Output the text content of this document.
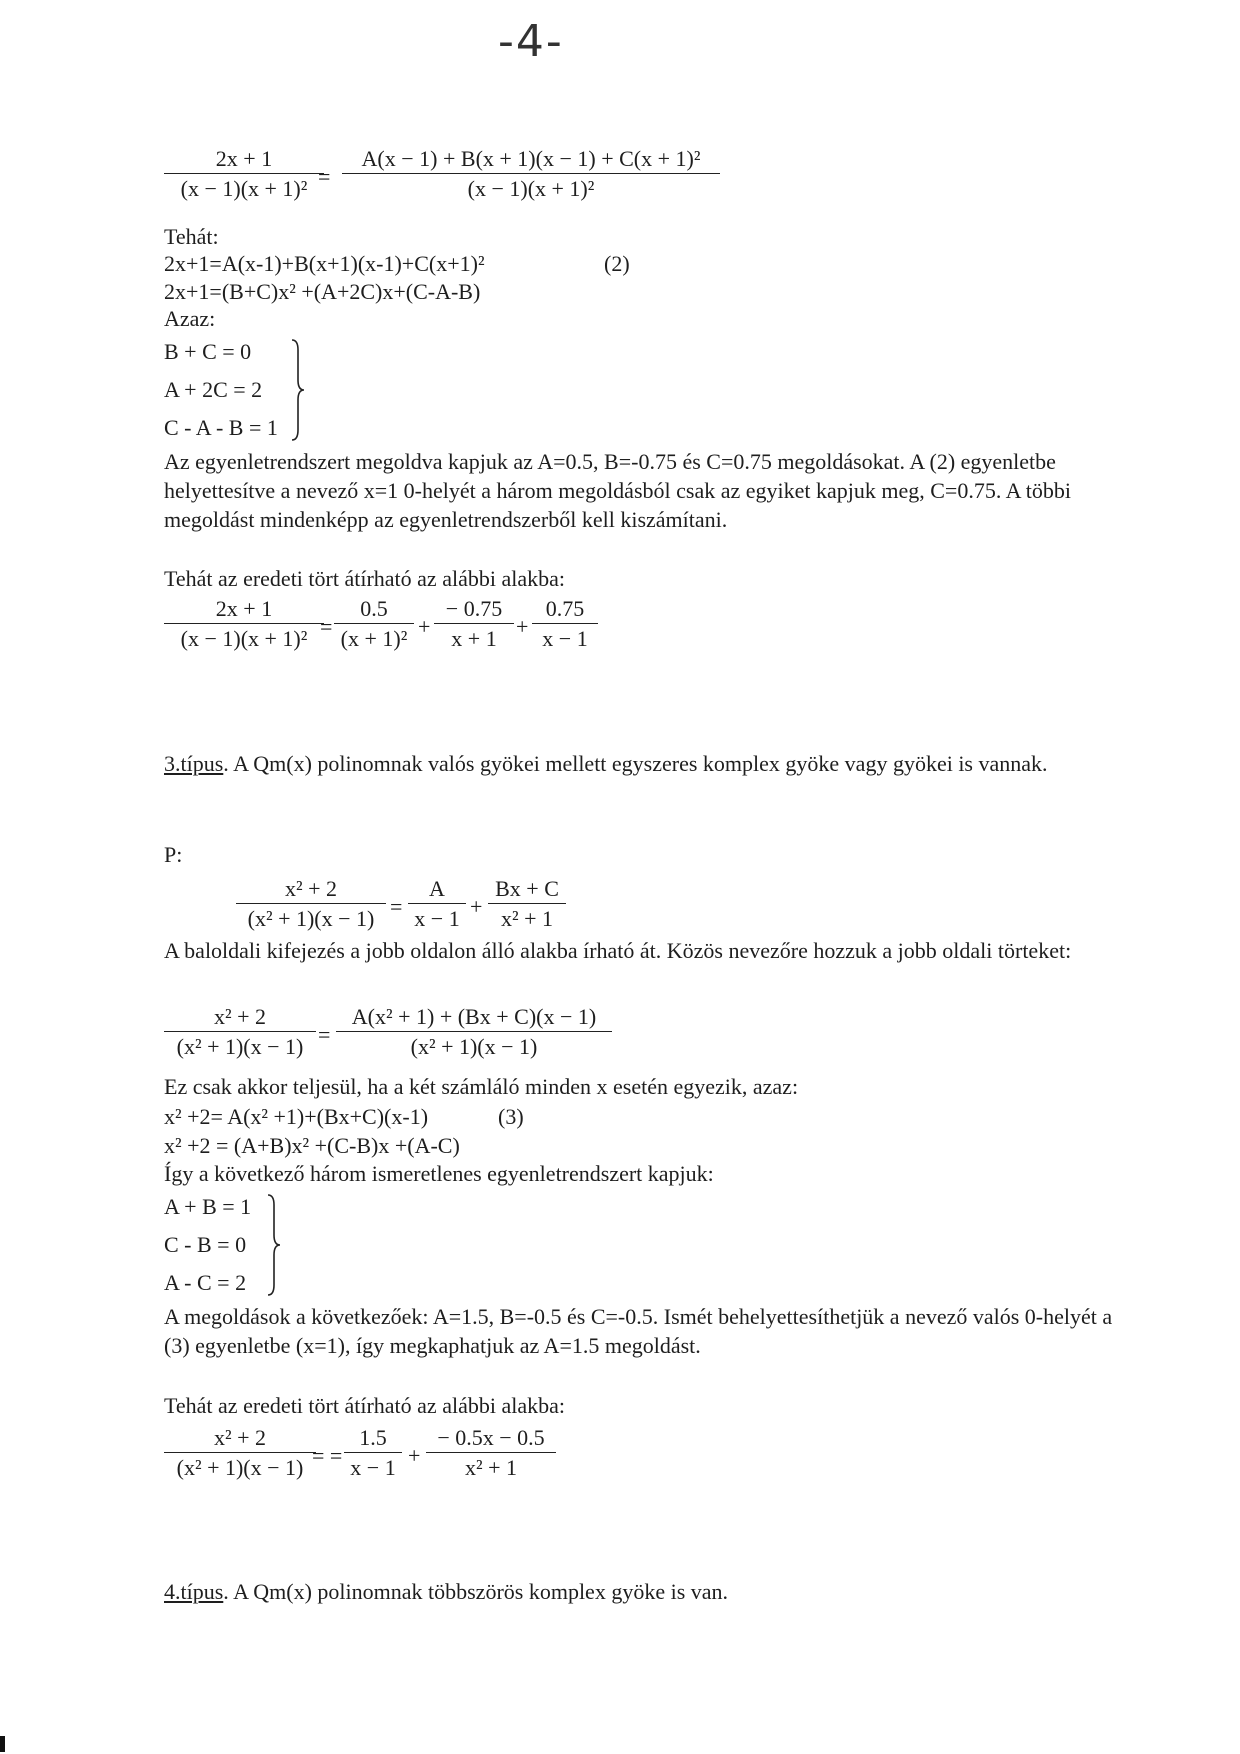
-4-
2x + 1
(x − 1)(x + 1)² =
A(x − 1) + B(x + 1)(x − 1) + C(x + 1)²
(x − 1)(x + 1)²
Tehát:
2x+1=A(x-1)+B(x+1)(x-1)+C(x+1)²	(2)
2x+1=(B+C)x² +(A+2C)x+(C-A-B)
Azaz:
B + C = 0
A + 2C = 2
C - A - B = 1
Az egyenletrendszert megoldva kapjuk az A=0.5, B=-0.75 és C=0.75 megoldásokat. A (2) egyenletbe helyettesítve a nevező x=1 0-helyét a három megoldásból csak az egyiket kapjuk meg, C=0.75. A többi megoldást mindenképp az egyenletrendszerből kell kiszámítani.
Tehát az eredeti tört átírható az alábbi alakba:
2x + 1
(x − 1)(x + 1)² =
0.5
(x + 1)² +
− 0.75
x + 1 +
0.75
x − 1
3.típus. A Qm(x) polinomnak valós gyökei mellett egyszeres komplex gyöke vagy gyökei is vannak.
P:
x² + 2
(x² + 1)(x − 1) =
A
x − 1 +
Bx + C
x² + 1
A baloldali kifejezés a jobb oldalon álló alakba írható át. Közös nevezőre hozzuk a jobb oldali törteket:
x² + 2
(x² + 1)(x − 1) =
A(x² + 1) + (Bx + C)(x − 1)
(x² + 1)(x − 1)
Ez csak akkor teljesül, ha a két számláló minden x esetén egyezik, azaz:
x² +2= A(x² +1)+(Bx+C)(x-1)	(3)
x² +2 = (A+B)x² +(C-B)x +(A-C)
Így a következő három ismeretlenes egyenletrendszert kapjuk:
A + B = 1
C - B = 0
A - C = 2
A megoldások a következőek: A=1.5, B=-0.5 és C=-0.5. Ismét behelyettesíthetjük a nevező valós 0-helyét a (3) egyenletbe (x=1), így megkaphatjuk az A=1.5 megoldást.
Tehát az eredeti tört átírható az alábbi alakba:
x² + 2
(x² + 1)(x − 1) = =
1.5
x − 1 +
− 0.5x − 0.5
x² + 1
4.típus. A Qm(x) polinomnak többszörös komplex gyöke is van.
